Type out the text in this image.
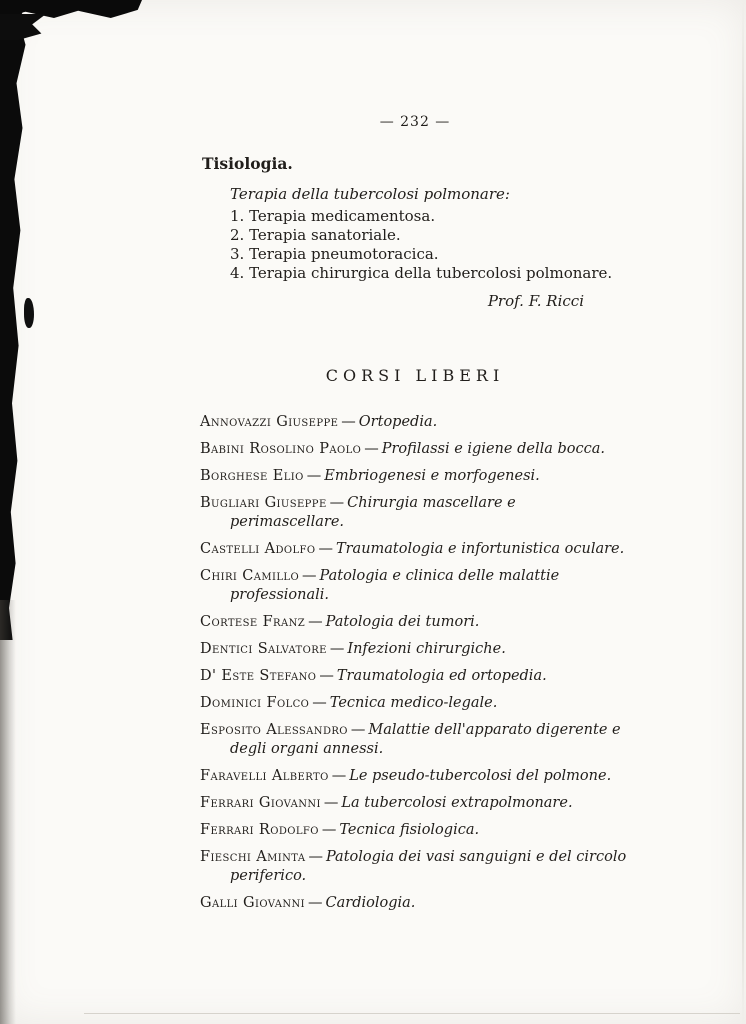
— 232 —
Tisiologia.

Terapia della tubercolosi polmonare:

1. Terapia medicamentosa.

2. Terapia sanatoriale.

3. Terapia pneumotoracica.

4. Terapia chirurgica della tubercolosi polmonare.

Prof. F. Ricci

CORSI LIBERI

Annovazzi Giuseppe — Ortopedia.

Babini Rosolino Paolo — Profilassi e igiene della bocca.

Borghese Elio — Embriogenesi e morfogenesi.

Bugliari Giuseppe — Chirurgia mascellare e perimascellare.

Castelli Adolfo — Traumatologia e infortunistica oculare.

Chiri Camillo — Patologia e clinica delle malattie professionali.

Cortese Franz — Patologia dei tumori.

Dentici Salvatore — Infezioni chirurgiche.

D' Este Stefano — Traumatologia ed ortopedia.

Dominici Folco — Tecnica medico-legale.

Esposito Alessandro — Malattie dell'apparato digerente e degli organi annessi.

Faravelli Alberto — Le pseudo-tubercolosi del polmone.

Ferrari Giovanni — La tubercolosi extrapolmonare.

Ferrari Rodolfo — Tecnica fisiologica.

Fieschi Aminta — Patologia dei vasi sanguigni e del circolo periferico.

Galli Giovanni — Cardiologia.
